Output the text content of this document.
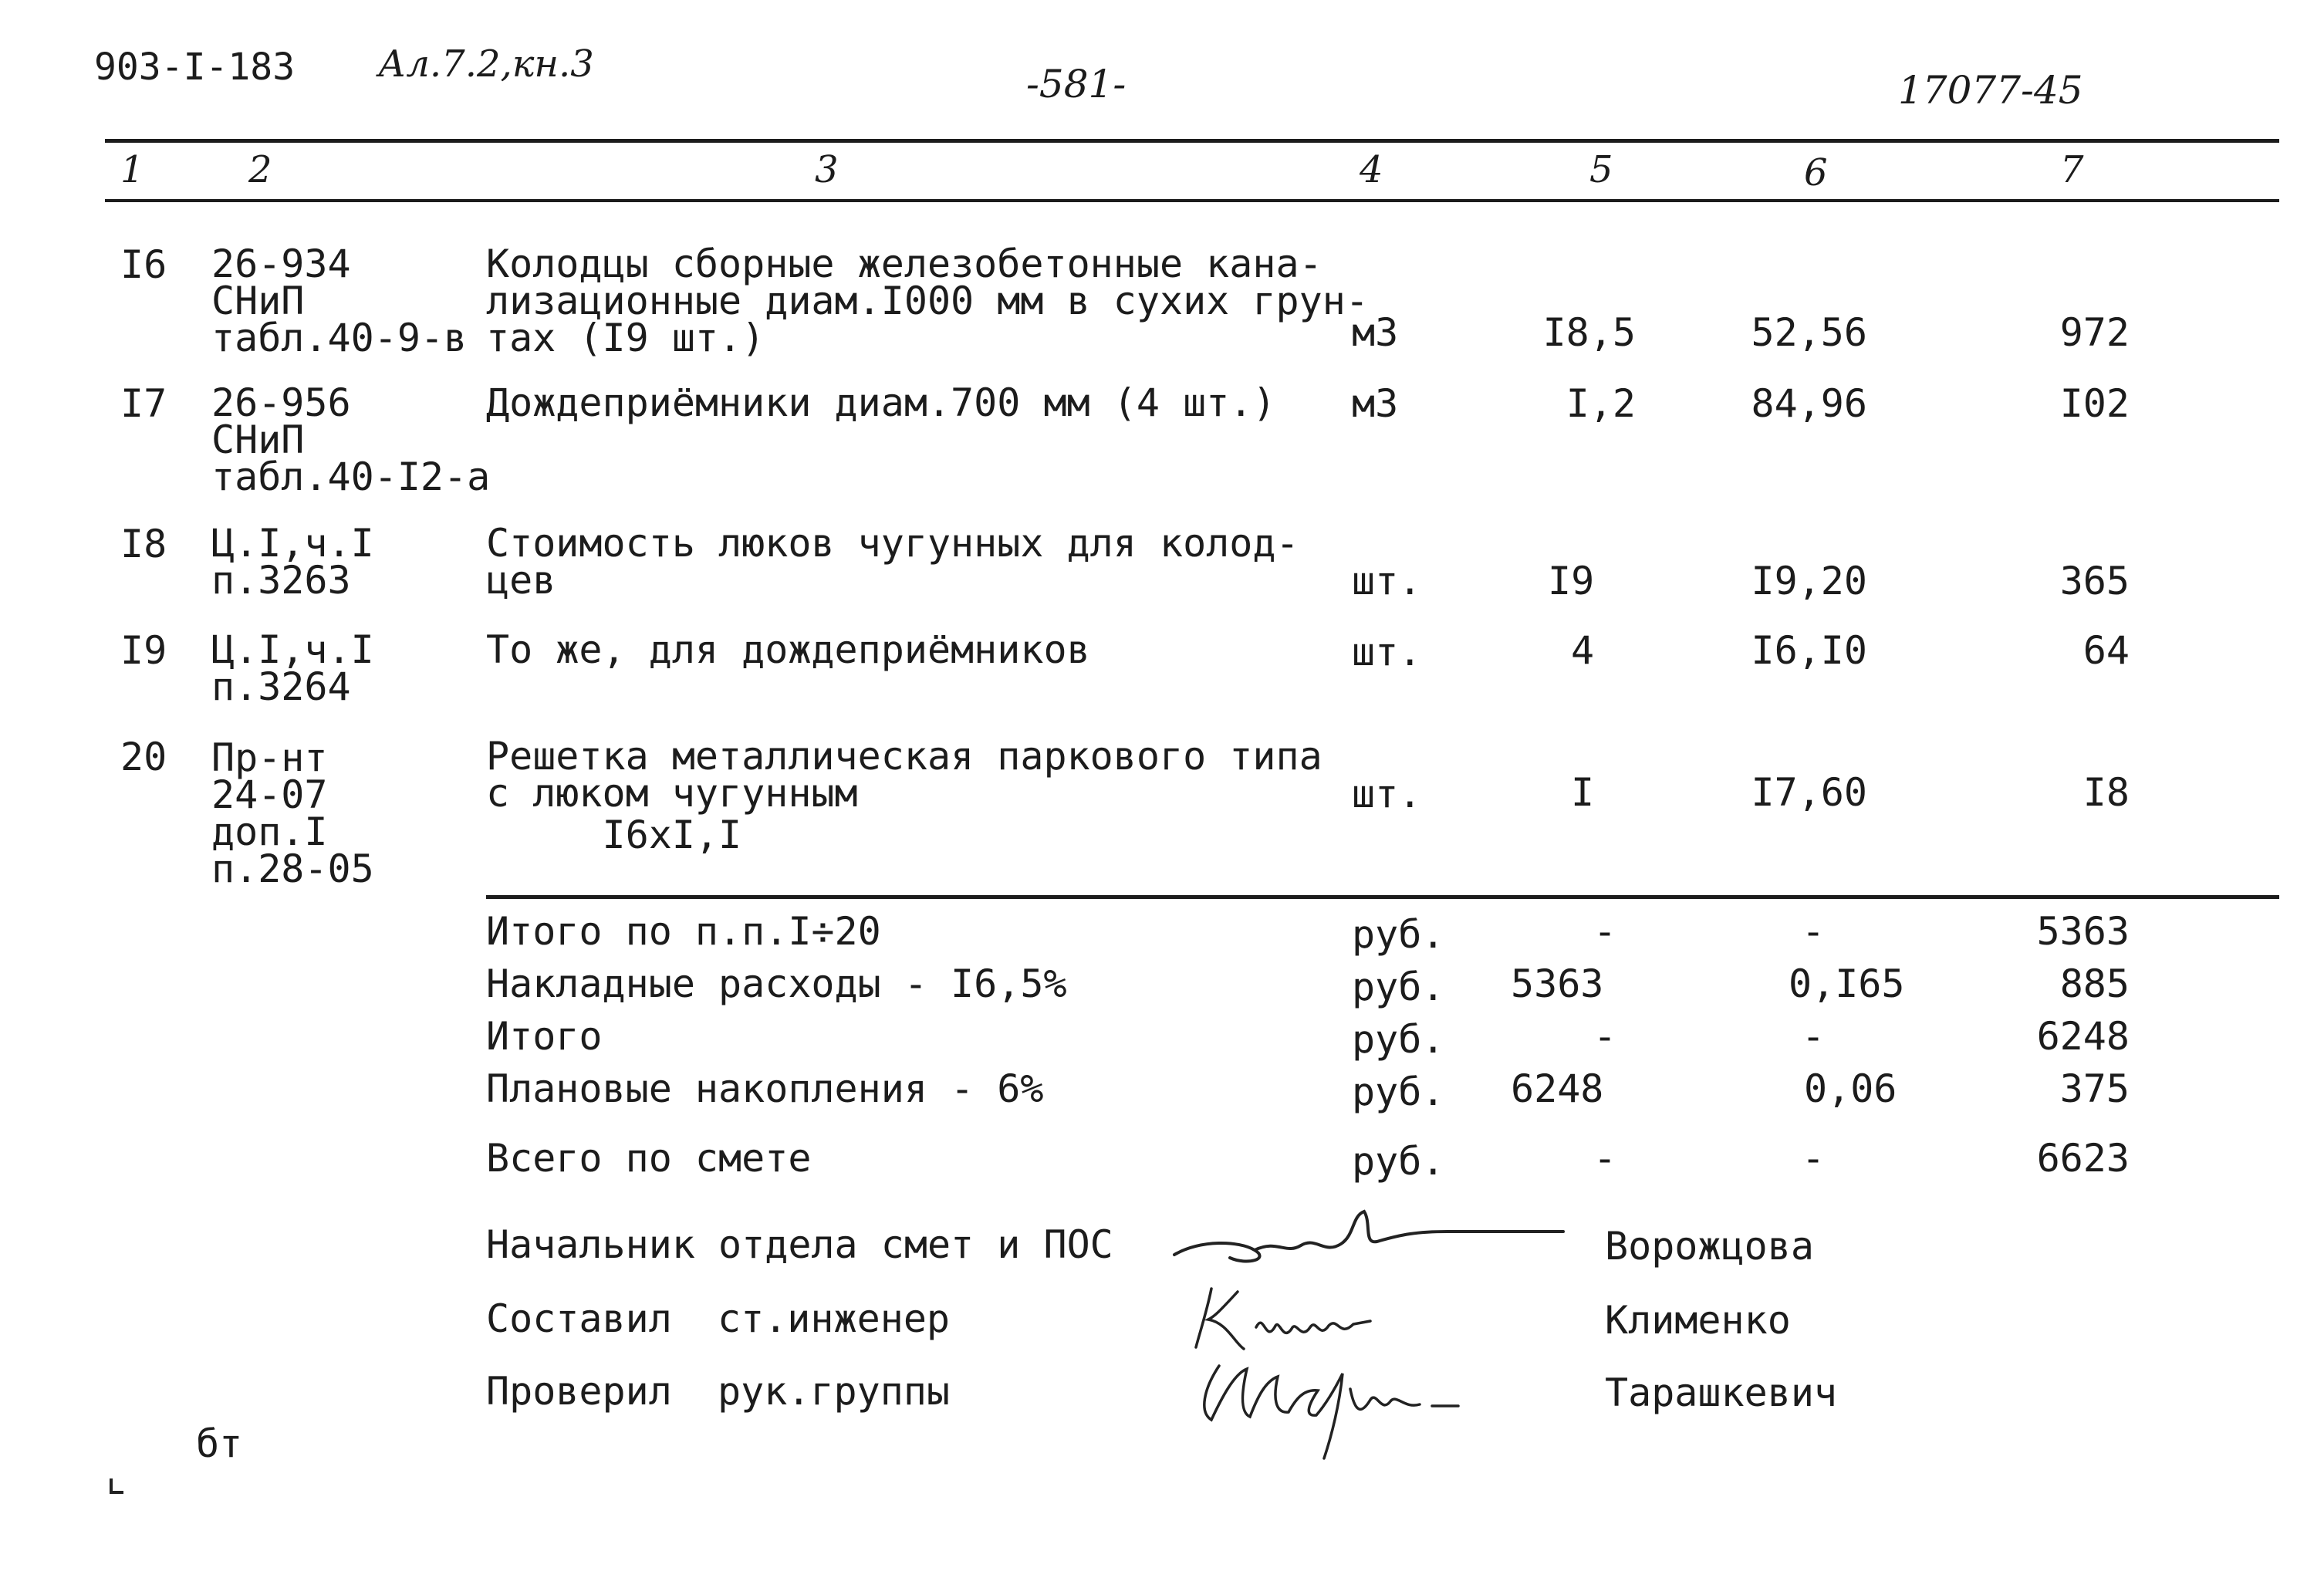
903-I-183 Ал.7.2,кн.3	-581-	17077-45
1	2	3	4	5	6	7
I6 26-934
СНиП
табл.40-9-в
Колодцы сборные железобетонные кана-
лизационные диам.I000 мм в сухих грун-
тах (I9 шт.)	м3	I8,5	52,56	972
I7 26-956
СНиП
табл.40-I2-а
Дождеприёмники диам.700 мм (4 шт.) м3	I,2	84,96	I02
I8 Ц.I,ч.I
п.3263
Стоимость люков чугунных для колод-
цев	шт.	I9	I9,20	365
I9 Ц.I,ч.I
п.3264
То же, для дождеприёмников	шт.	4	I6,I0	64
20 Пр-нт
24-07
доп.I
п.28-05
Решетка металлическая паркового типа
с люком чугунным
I6хI,I
шт.	I	I7,60	I8
Итого по п.п.I÷20	руб.	-	-	5363
Накладные расходы - I6,5%	руб. 5363	0,I65	885
Итого	руб.	-	-	6248
Плановые накопления - 6%	руб. 6248	0,06	375
Всего по смете	руб.	-	-	6623
Начальник отдела смет и ПОС	Ворожцова
Составил ст.инженер	Клименко
Проверил рук.группы	Тарашкевич
бт
